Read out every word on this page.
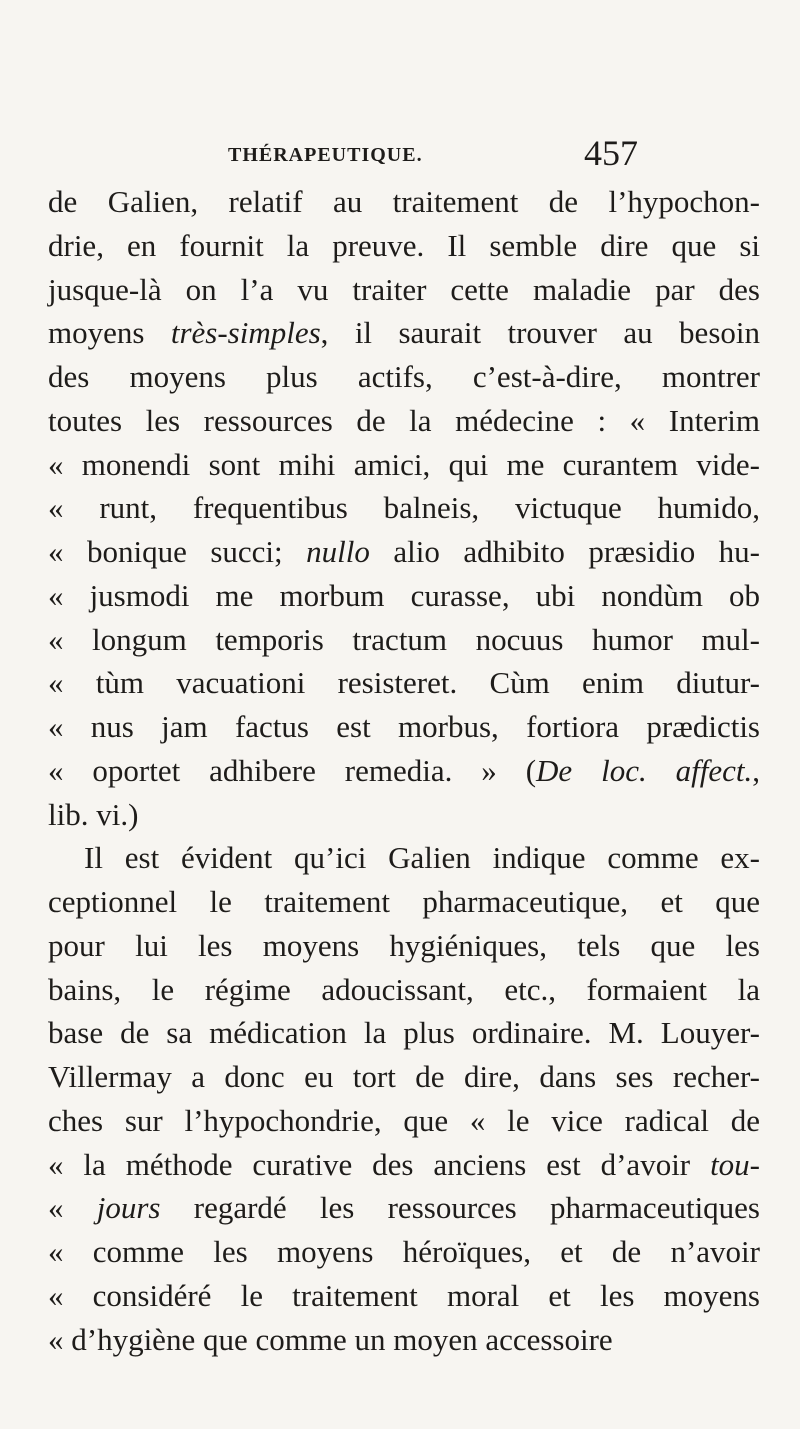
THÉRAPEUTIQUE.	457
de Galien, relatif au traitement de l’hypochon-
drie, en fournit la preuve. Il semble dire que si
jusque-là on l’a vu traiter cette maladie par des
moyens très-simples, il saurait trouver au besoin
des moyens plus actifs, c’est-à-dire, montrer
toutes les ressources de la médecine : « Interim
« monendi sont mihi amici, qui me curantem vide-
« runt, frequentibus balneis, victuque humido,
« bonique succi; nullo alio adhibito præsidio hu-
« jusmodi me morbum curasse, ubi nondùm ob
« longum temporis tractum nocuus humor mul-
« tùm vacuationi resisteret. Cùm enim diutur-
« nus jam factus est morbus, fortiora prædictis
« oportet adhibere remedia. » (De loc. affect.,
lib. vi.)
Il est évident qu’ici Galien indique comme ex-
ceptionnel le traitement pharmaceutique, et que
pour lui les moyens hygiéniques, tels que les
bains, le régime adoucissant, etc., formaient la
base de sa médication la plus ordinaire. M. Louyer-
Villermay a donc eu tort de dire, dans ses recher-
ches sur l’hypochondrie, que « le vice radical de
« la méthode curative des anciens est d’avoir tou-
« jours regardé les ressources pharmaceutiques
« comme les moyens héroïques, et de n’avoir
« considéré le traitement moral et les moyens
« d’hygiène que comme un moyen accessoire
